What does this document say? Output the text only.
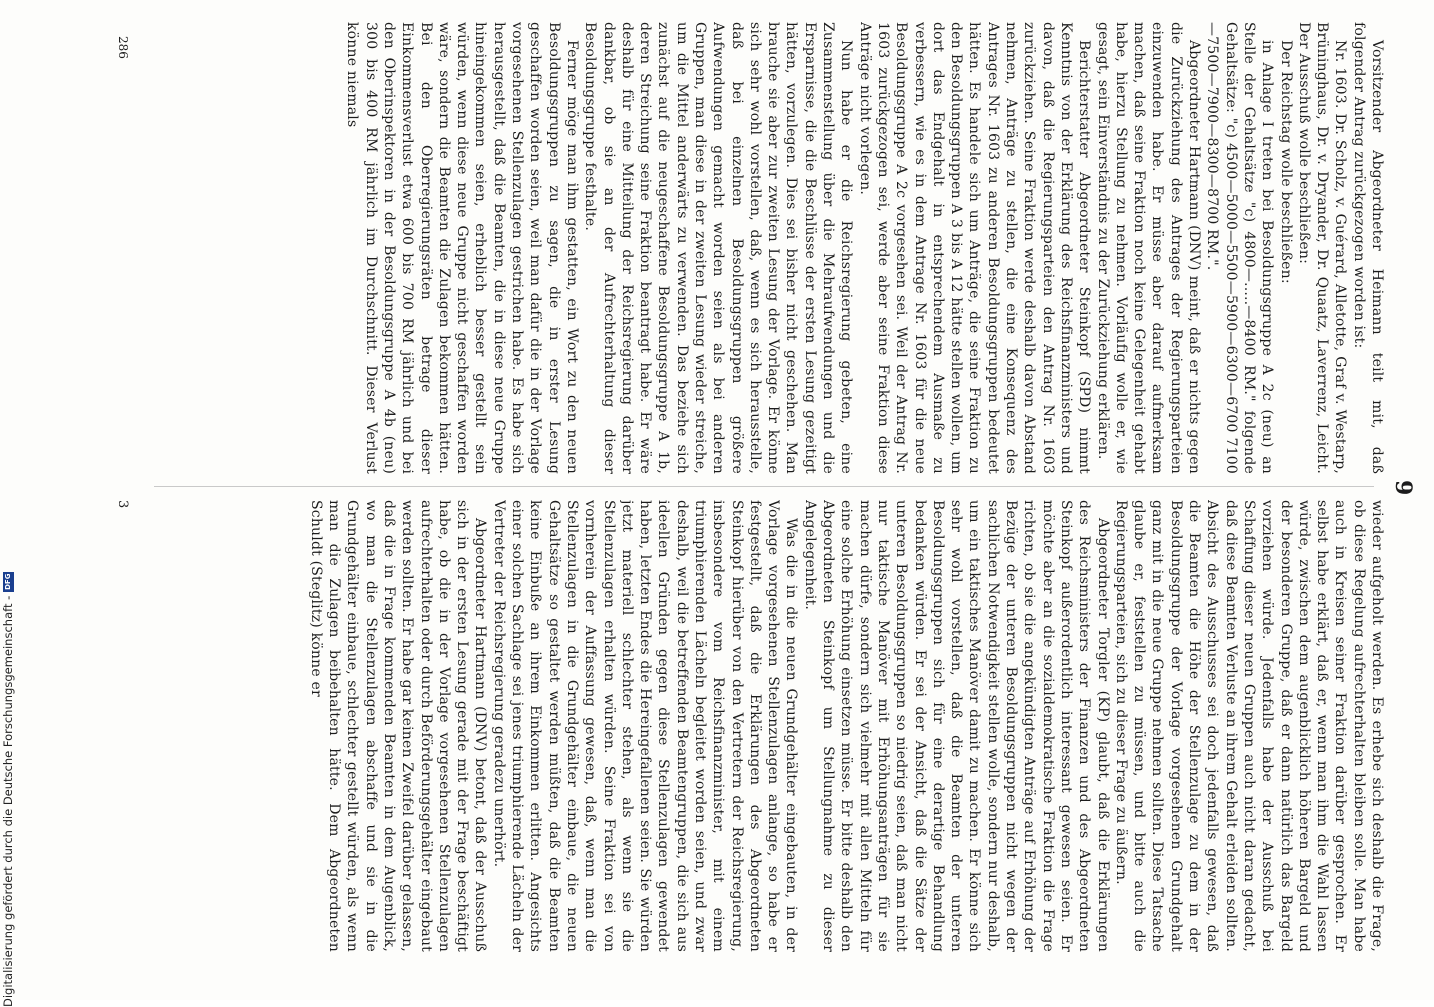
9

Vorsitzender Abgeordneter Heimann teilt mit, daß folgender Antrag zurückgezogen worden ist:

Nr. 1603. Dr. Scholz, v. Guérard, Alletotte, Graf v. Westarp, Brüninghaus, Dr. v. Dryander, Dr. Quaatz, Laverrenz, Leicht. Der Ausschuß wolle beschließen:

Der Reichstag wolle beschließen:

in Anlage I treten bei Besoldungsgruppe A 2c (neu) an Stelle der Gehaltsätze "c) 4800—.....—8400 RM." folgende Gehaltsätze: "c) 4500—5000—5500—5900—6300—6700 7100—7500—7900—8300—8700 RM.".

Abgeordneter Hartmann (DNV) meint, daß er nichts gegen die Zurückziehung des Antrages der Regierungsparteien einzuwenden habe. Er müsse aber darauf aufmerksam machen, daß seine Fraktion noch keine Gelegenheit gehabt habe, hierzu Stellung zu nehmen. Vorläufig wolle er, wie gesagt, sein Einverständnis zu der Zurückziehung erklären.

Berichterstatter Abgeordneter Steinkopf (SPD) nimmt Kenntnis von der Erklärung des Reichsfinanzministers und davon, daß die Regierungsparteien den Antrag Nr. 1603 zurückziehen. Seine Fraktion werde deshalb davon Abstand nehmen, Anträge zu stellen, die eine Konsequenz des Antrages Nr. 1603 zu anderen Besoldungsgruppen bedeutet hätten. Es handele sich um Anträge, die seine Fraktion zu den Besoldungsgruppen A 3 bis A 12 hätte stellen wollen, um dort das Endgehalt in entsprechendem Ausmaße zu verbessern, wie es in dem Antrage Nr. 1603 für die neue Besoldungsgruppe A 2c vorgesehen sei. Weil der Antrag Nr. 1603 zurückgezogen sei, werde aber seine Fraktion diese Anträge nicht vorlegen.

Nun habe er die Reichsregierung gebeten, eine Zusammenstellung über die Mehraufwendungen und die Ersparnisse, die die Beschlüsse der ersten Lesung gezeitigt hätten, vorzulegen. Dies sei bisher nicht geschehen. Man brauche sie aber zur zweiten Lesung der Vorlage. Er könne sich sehr wohl vorstellen, daß, wenn es sich herausstelle, daß bei einzelnen Besoldungsgruppen größere Aufwendungen gemacht worden seien als bei anderen Gruppen, man diese in der zweiten Lesung wieder streiche, um die Mittel anderwärts zu verwenden. Das beziehe sich zunächst auf die neugeschaffene Besoldungsgruppe A 1b, deren Streichung seine Fraktion beantragt habe. Er wäre deshalb für eine Mitteilung der Reichsregierung darüber dankbar, ob sie an der Aufrechterhaltung dieser Besoldungsgruppe festhalte.

Ferner möge man ihm gestatten, ein Wort zu den neuen Besoldungsgruppen zu sagen, die in erster Lesung geschaffen worden seien, weil man dafür die in der Vorlage vorgesehenen Stellenzulagen gestrichen habe. Es habe sich herausgestellt, daß die Beamten, die in diese neue Gruppe hineingekommen seien, erheblich besser gestellt sein würden, wenn diese neue Gruppe nicht geschaffen worden wäre, sondern die Beamten die Zulagen bekommen hätten. Bei den Oberregierungsräten betrage dieser Einkommensverlust etwa 600 bis 700 RM jährlich und bei den Oberinspektoren in der Besoldungsgruppe A 4b (neu) 300 bis 400 RM jährlich im Durchschnitt. Dieser Verlust könne niemals

wieder aufgeholt werden. Es erhebe sich deshalb die Frage, ob diese Regelung aufrechterhalten bleiben solle. Man habe auch in Kreisen seiner Fraktion darüber gesprochen. Er selbst habe erklärt, daß er, wenn man ihm die Wahl lassen würde, zwischen dem augenblicklich höheren Bargeld und der besonderen Gruppe, daß er dann natürlich das Bargeld vorziehen würde. Jedenfalls habe der Ausschuß bei Schaffung dieser neuen Gruppen auch nicht daran gedacht, daß diese Beamten Verluste an ihrem Gehalt erleiden sollten. Absicht des Ausschusses sei doch jedenfalls gewesen, daß die Beamten die Höhe der Stellenzulage zu dem in der Besoldungsgruppe der Vorlage vorgesehenen Grundgehalt ganz mit in die neue Gruppe nehmen sollten. Diese Tatsache glaube er, feststellen zu müssen, und bitte auch die Regierungsparteien, sich zu dieser Frage zu äußern.

Abgeordneter Torgler (KP) glaubt, daß die Erklärungen des Reichsministers der Finanzen und des Abgeordneten Steinkopf außerordentlich interessant gewesen seien. Er möchte aber an die sozialdemokratische Fraktion die Frage richten, ob sie die angekündigten Anträge auf Erhöhung der Bezüge der unteren Besoldungsgruppen nicht wegen der sachlichen Notwendigkeit stellen wolle, sondern nur deshalb, um ein taktisches Manöver damit zu machen. Er könne sich sehr wohl vorstellen, daß die Beamten der unteren Besoldungsgruppen sich für eine derartige Behandlung bedanken würden. Er sei der Ansicht, daß die Sätze der unteren Besoldungsgruppen so niedrig seien, daß man nicht nur taktische Manöver mit Erhöhungsanträgen für sie machen dürfe, sondern sich vielmehr mit allen Mitteln für eine solche Erhöhung einsetzen müsse. Er bitte deshalb den Abgeordneten Steinkopf um Stellungnahme zu dieser Angelegenheit.

Was die in die neuen Grundgehälter eingebauten, in der Vorlage vorgesehenen Stellenzulagen anlange, so habe er festgestellt, daß die Erklärungen des Abgeordneten Steinkopf hierüber von den Vertretern der Reichsregierung, insbesondere vom Reichsfinanzminister, mit einem triumphierenden Lächeln begleitet worden seien, und zwar deshalb, weil die betreffenden Beamtengruppen, die sich aus ideellen Gründen gegen diese Stellenzulagen gewendet haben, letzten Endes die Hereingefallenen seien. Sie würden jetzt materiell schlechter stehen, als wenn sie die Stellenzulagen erhalten würden. Seine Fraktion sei von vornherein der Auffassung gewesen, daß, wenn man die Stellenzulagen in die Grundgehälter einbaue, die neuen Gehaltsätze so gestaltet werden müßten, daß die Beamten keine Einbuße an ihrem Einkommen erlitten. Angesichts einer solchen Sachlage sei jenes triumphierende Lächeln der Vertreter der Reichsregierung geradezu unerhört.

Abgeordneter Hartmann (DNV) betont, daß der Ausschuß sich in der ersten Lesung gerade mit der Frage beschäftigt habe, ob die in der Vorlage vorgesehenen Stellenzulagen aufrechterhalten oder durch Beförderungsgehälter eingebaut werden sollten. Er habe gar keinen Zweifel darüber gelassen, daß die in Frage kommenden Beamten in dem Augenblick, wo man die Stellenzulagen abschaffe und sie in die Grundgehälter einbaue, schlechter gestellt würden, als wenn man die Zulagen beibehalten hätte. Dem Abgeordneten Schuldt (Steglitz) könne er

286
3
Digitalisierung gefördert durch die Deutsche Forschungsgemeinschaft -
DFG
